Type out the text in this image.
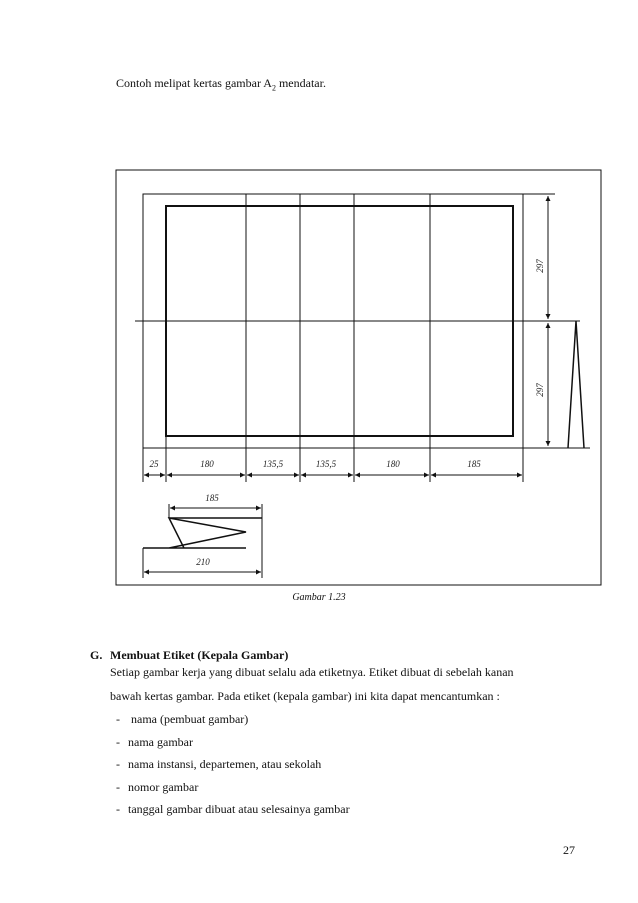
Contoh melipat kertas gambar $A_2$ mendatar.
297
297
25	180	135,5	135,5	180	185
185
210
Gambar 1.23
G. Membuat Etiket (Kepala Gambar)
Setiap gambar kerja yang dibuat selalu ada etiketnya. Etiket dibuat di sebelah kanan
bawah kertas gambar. Pada etiket (kepala gambar) ini kita dapat mencantumkan :
- nama (pembuat gambar)
- nama gambar
- nama instansi, departemen, atau sekolah
- nomor gambar
- tanggal gambar dibuat atau selesainya gambar
27
